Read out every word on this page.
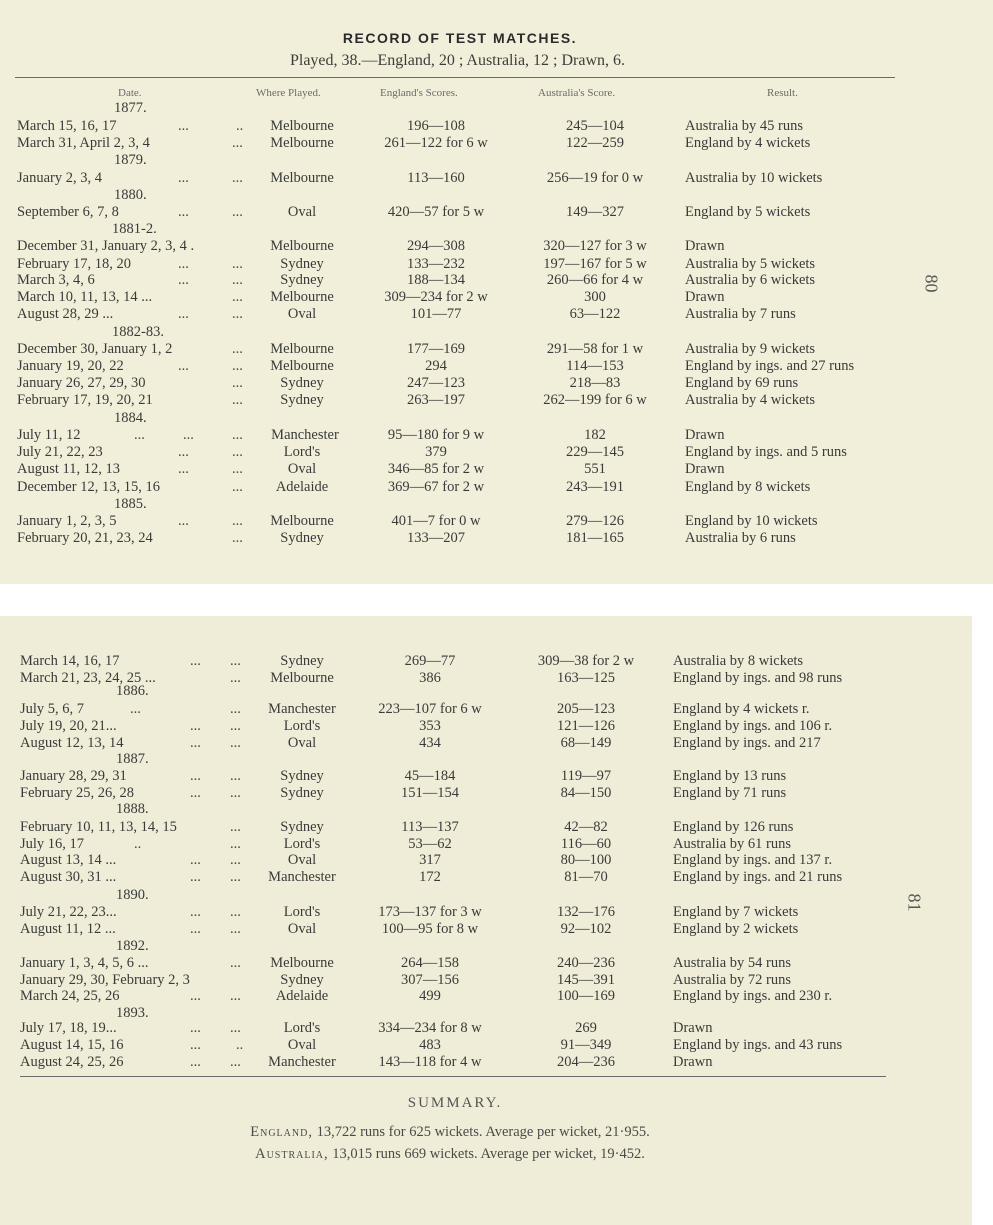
RECORD OF TEST MATCHES.
Played, 38.—England, 20 ; Australia, 12 ; Drawn, 6.
Date.	Where Played.	England's Scores.	Australia's Score.	Result.
1877.
1879.
1880.
1881-2.
1882-83.
1884.
1885.
March 15, 16, 17	...	..	Melbourne	196—108	245—104	Australia by 45 runs
March 31, April 2, 3, 4	...	Melbourne	261—122 for 6 w	122—259	England by 4 wickets
January 2, 3, 4	...	...	Melbourne	113—160	256—19 for 0 w	Australia by 10 wickets
September 6, 7, 8	...	...	Oval	420—57 for 5 w	149—327	England by 5 wickets
December 31, January 2, 3, 4 .	Melbourne	294—308	320—127 for 3 w	Drawn
February 17, 18, 20	...	...	Sydney	133—232	197—167 for 5 w	Australia by 5 wickets
March 3, 4, 6	...	...	Sydney	188—134	260—66 for 4 w	Australia by 6 wickets
March 10, 11, 13, 14 ...	...	Melbourne	309—234 for 2 w	300	Drawn
August 28, 29 ...	...	...	Oval	101—77	63—122	Australia by 7 runs
December 30, January 1, 2	...	Melbourne	177—169	291—58 for 1 w	Australia by 9 wickets
January 19, 20, 22	...	...	Melbourne	294	114—153	England by ings. and 27 runs
January 26, 27, 29, 30	...	Sydney	247—123	218—83	England by 69 runs
February 17, 19, 20, 21	...	Sydney	263—197	262—199 for 6 w	Australia by 4 wickets
July 11, 12	...	...	...	Manchester	95—180 for 9 w	182	Drawn
July 21, 22, 23	...	...	Lord's	379	229—145	England by ings. and 5 runs
August 11, 12, 13	...	...	Oval	346—85 for 2 w	551	Drawn
December 12, 13, 15, 16	...	Adelaide	369—67 for 2 w	243—191	England by 8 wickets
January 1, 2, 3, 5	...	...	Melbourne	401—7 for 0 w	279—126	England by 10 wickets
February 20, 21, 23, 24	...	Sydney	133—207	181—165	Australia by 6 runs
80
1886.
1887.
1888.
1890.
1892.
1893.
March 14, 16, 17	... ...	Sydney	269—77	309—38 for 2 w	Australia by 8 wickets
March 21, 23, 24, 25 ...	...	Melbourne	386	163—125	England by ings. and 98 runs
July 5, 6, 7	...	...	Manchester	223—107 for 6 w	205—123	England by 4 wickets r.
July 19, 20, 21...	... ...	Lord's	353	121—126	England by ings. and 106 r.
August 12, 13, 14	... ...	Oval	434	68—149	England by ings. and 217
January 28, 29, 31	... ...	Sydney	45—184	119—97	England by 13 runs
February 25, 26, 28	... ...	Sydney	151—154	84—150	England by 71 runs
February 10, 11, 13, 14, 15	...	Sydney	113—137	42—82	England by 126 runs
July 16, 17	..	...	Lord's	53—62	116—60	Australia by 61 runs
August 13, 14 ...	... ...	Oval	317	80—100	England by ings. and 137 r.
August 30, 31 ...	... ...	Manchester	172	81—70	England by ings. and 21 runs
July 21, 22, 23...	... ...	Lord's	173—137 for 3 w	132—176	England by 7 wickets
August 11, 12 ...	... ...	Oval	100—95 for 8 w	92—102	England by 2 wickets
January 1, 3, 4, 5, 6 ...	...	Melbourne	264—158	240—236	Australia by 54 runs
January 29, 30, February 2, 3	Sydney	307—156	145—391	Australia by 72 runs
March 24, 25, 26	... ...	Adelaide	499	100—169	England by ings. and 230 r.
July 17, 18, 19...	... ...	Lord's	334—234 for 8 w	269	Drawn
August 14, 15, 16	... ..	Oval	483	91—349	England by ings. and 43 runs
August 24, 25, 26	... ...	Manchester	143—118 for 4 w	204—236	Drawn
81
SUMMARY.
England, 13,722 runs for 625 wickets. Average per wicket, 21·955.
Australia, 13,015 runs 669 wickets. Average per wicket, 19·452.
